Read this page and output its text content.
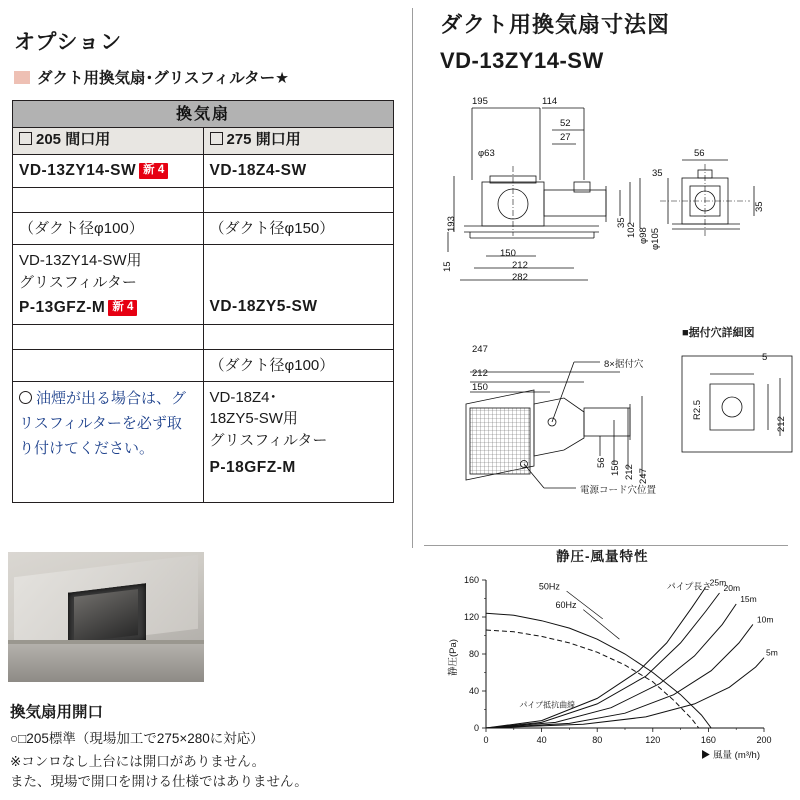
オプション
ダクト用換気扇･グリスフィルター★
換気扇	
205 間口用	275 開口用
VD-13ZY14-SW 新 4	VD-18Z4-SW

（ダクト径φ100）	（ダクト径φ150）

VD-13ZY14-SW用
グリスフィルター
P-13GFZ-M 新 4	VD-18ZY5-SW

	（ダクト径φ100）

油煙が出る場合は、グリスフィルターを必ず取り付けてください。	VD-18Z4･
18ZY5-SW用
グリスフィルター
P-18GFZ-M
換気扇用開口
○□205標準（現場加工で275×280に対応）
※コンロなし上台には開口がありません。
また、現場で開口を開ける仕様ではありません。
ダクト用換気扇寸法図
VD-13ZY14-SW
195	114
52
27
φ63
193
15
150
212
282
35 102 φ98 φ105
56
35
35
247
212
150
56 150 212 247
5
212
R2.5
8×据付穴
電源コード穴位置
■据付穴詳細図
静圧-風量特性
0	40	80	120	160	200
0
40
80
120
160	25m
20m
15m
10m
5m
▶ 風量 (m³/h)
静圧(Pa)
50Hz
60Hz
パイプ長さ
パイプ抵抗曲線
